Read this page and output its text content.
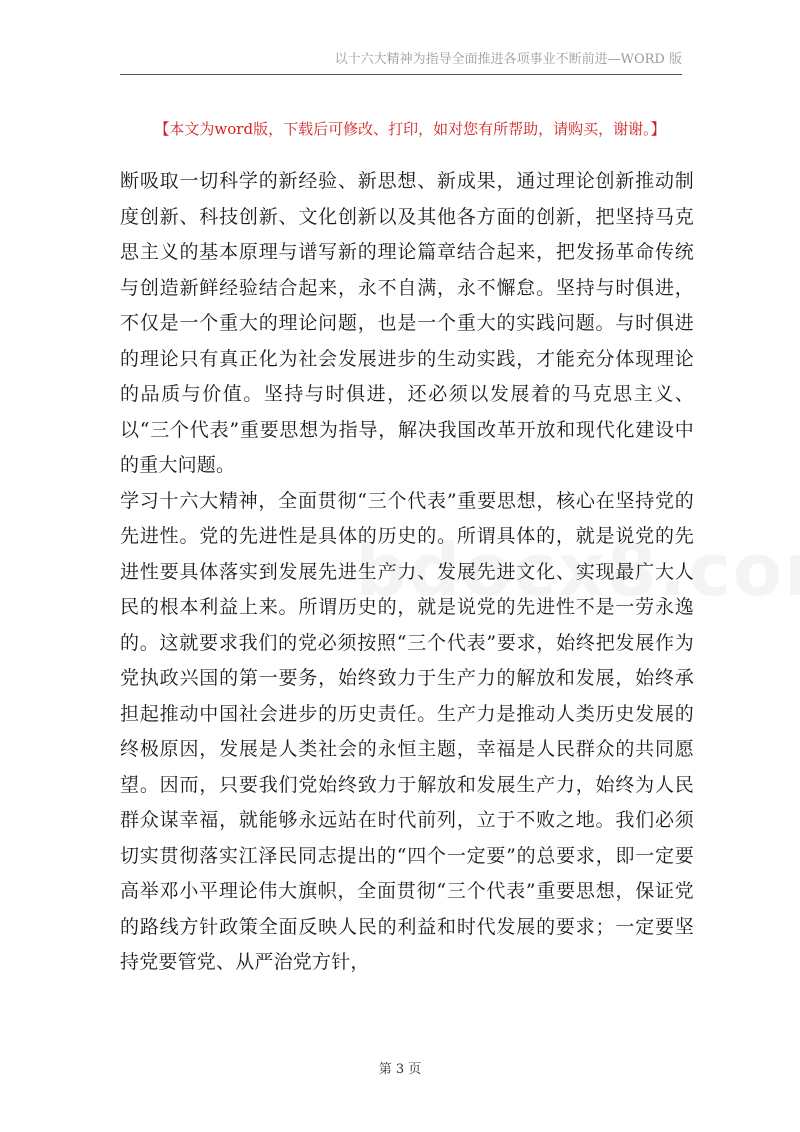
以十六大精神为指导全面推进各项事业不断前进—WORD 版
【本文为word版，下载后可修改、打印，如对您有所帮助，请购买，谢谢。】

断吸取一切科学的新经验、新思想、新成果，通过理论创新推动制度创新、科技创新、文化创新以及其他各方面的创新，把坚持马克思主义的基本原理与谱写新的理论篇章结合起来，把发扬革命传统与创造新鲜经验结合起来，永不自满，永不懈怠。坚持与时俱进，不仅是一个重大的理论问题，也是一个重大的实践问题。与时俱进的理论只有真正化为社会发展进步的生动实践，才能充分体现理论的品质与价值。坚持与时俱进，还必须以发展着的马克思主义、以“三个代表”重要思想为指导，解决我国改革开放和现代化建设中的重大问题。

学习十六大精神，全面贯彻“三个代表”重要思想，核心在坚持党的先进性。党的先进性是具体的历史的。所谓具体的，就是说党的先进性要具体落实到发展先进生产力、发展先进文化、实现最广大人民的根本利益上来。所谓历史的，就是说党的先进性不是一劳永逸的。这就要求我们的党必须按照“三个代表”要求，始终把发展作为党执政兴国的第一要务，始终致力于生产力的解放和发展，始终承担起推动中国社会进步的历史责任。生产力是推动人类历史发展的终极原因，发展是人类社会的永恒主题，幸福是人民群众的共同愿望。因而，只要我们党始终致力于解放和发展生产力，始终为人民群众谋幸福，就能够永远站在时代前列，立于不败之地。我们必须切实贯彻落实江泽民同志提出的“四个一定要”的总要求，即一定要高举邓小平理论伟大旗帜，全面贯彻“三个代表”重要思想，保证党的路线方针政策全面反映人民的利益和时代发展的要求；一定要坚持党要管党、从严治党方针，

第 3 页
